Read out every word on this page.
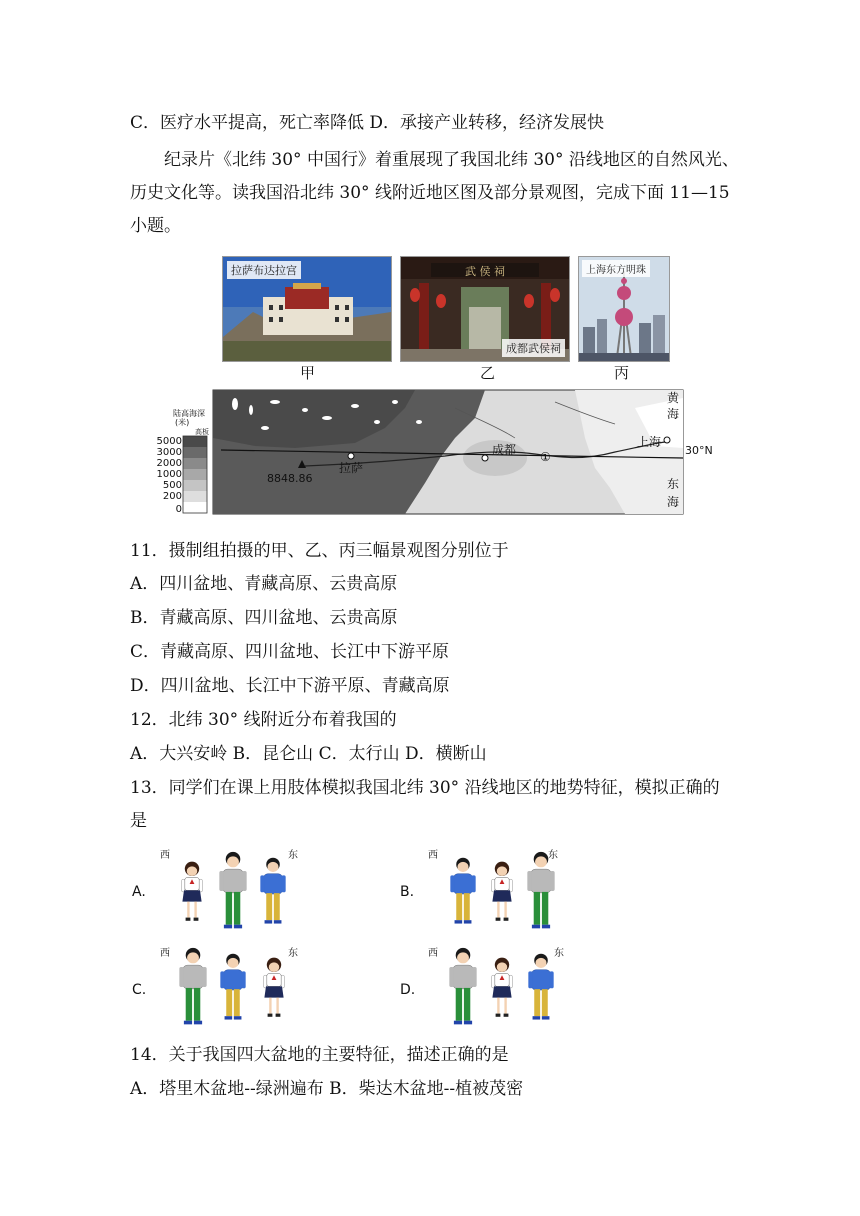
C．医疗水平提高，死亡率降低 D．承接产业转移，经济发展快
纪录片《北纬 30° 中国行》着重展现了我国北纬 30° 沿线地区的自然风光、
历史文化等。读我国沿北纬 30° 线附近地区图及部分景观图，完成下面 11—15
小题。
拉萨布达拉宫	武 侯 祠
成都武侯祠
上海东方明珠
甲	乙	丙
陆高海深
(米)
高板
5000
3000
2000
1000
500
200
0
8848.86
拉萨
成都 ①
上海
30°N
黄
海
东
海
11．摄制组拍摄的甲、乙、丙三幅景观图分别位于
A．四川盆地、青藏高原、云贵高原
B．青藏高原、四川盆地、云贵高原
C．青藏高原、四川盆地、长江中下游平原
D．四川盆地、长江中下游平原、青藏高原
12．北纬 30° 线附近分布着我国的
A．大兴安岭 B．昆仑山 C．太行山 D．横断山
13．同学们在课上用肢体模拟我国北纬 30° 沿线地区的地势特征，模拟正确的
是
A.
西	东
B.
西	东
C.
西	东
D.
西	东
14．关于我国四大盆地的主要特征，描述正确的是
A．塔里木盆地--绿洲遍布 B．柴达木盆地--植被茂密
